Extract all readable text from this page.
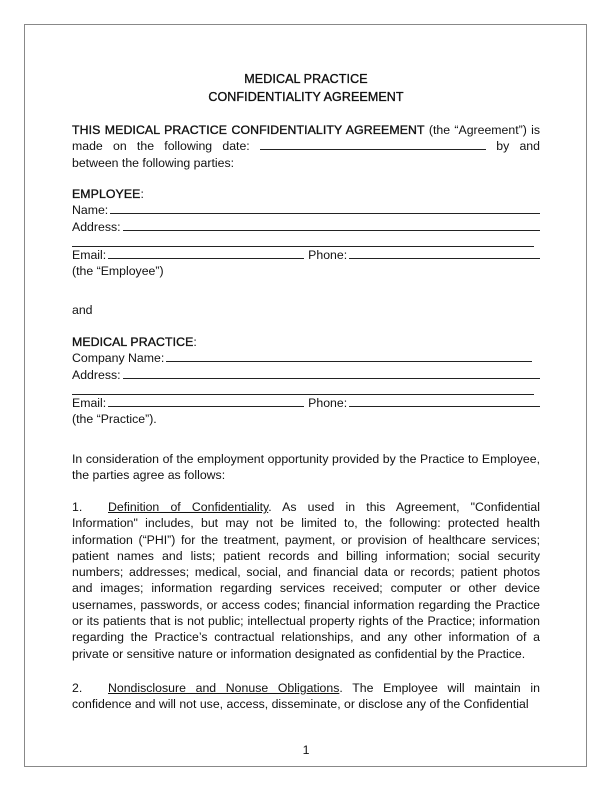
MEDICAL PRACTICE
CONFIDENTIALITY AGREEMENT
THIS MEDICAL PRACTICE CONFIDENTIALITY AGREEMENT (the “Agreement”) is made on the following date:	by and between the following parties:
EMPLOYEE:
Name:
Address:
Email:	Phone:
(the “Employee”)
and
MEDICAL PRACTICE:
Company Name:
Address:
Email:	Phone:
(the “Practice”).
In consideration of the employment opportunity provided by the Practice to Employee, the parties agree as follows:
1. Definition of Confidentiality. As used in this Agreement, "Confidential Information" includes, but may not be limited to, the following: protected health information (“PHI”) for the treatment, payment, or provision of healthcare services; patient names and lists; patient records and billing information; social security numbers; addresses; medical, social, and financial data or records; patient photos and images; information regarding services received; computer or other device usernames, passwords, or access codes; financial information regarding the Practice or its patients that is not public; intellectual property rights of the Practice; information regarding the Practice’s contractual relationships, and any other information of a private or sensitive nature or information designated as confidential by the Practice.
2. Nondisclosure and Nonuse Obligations. The Employee will maintain in confidence and will not use, access, disseminate, or disclose any of the Confidential
1
